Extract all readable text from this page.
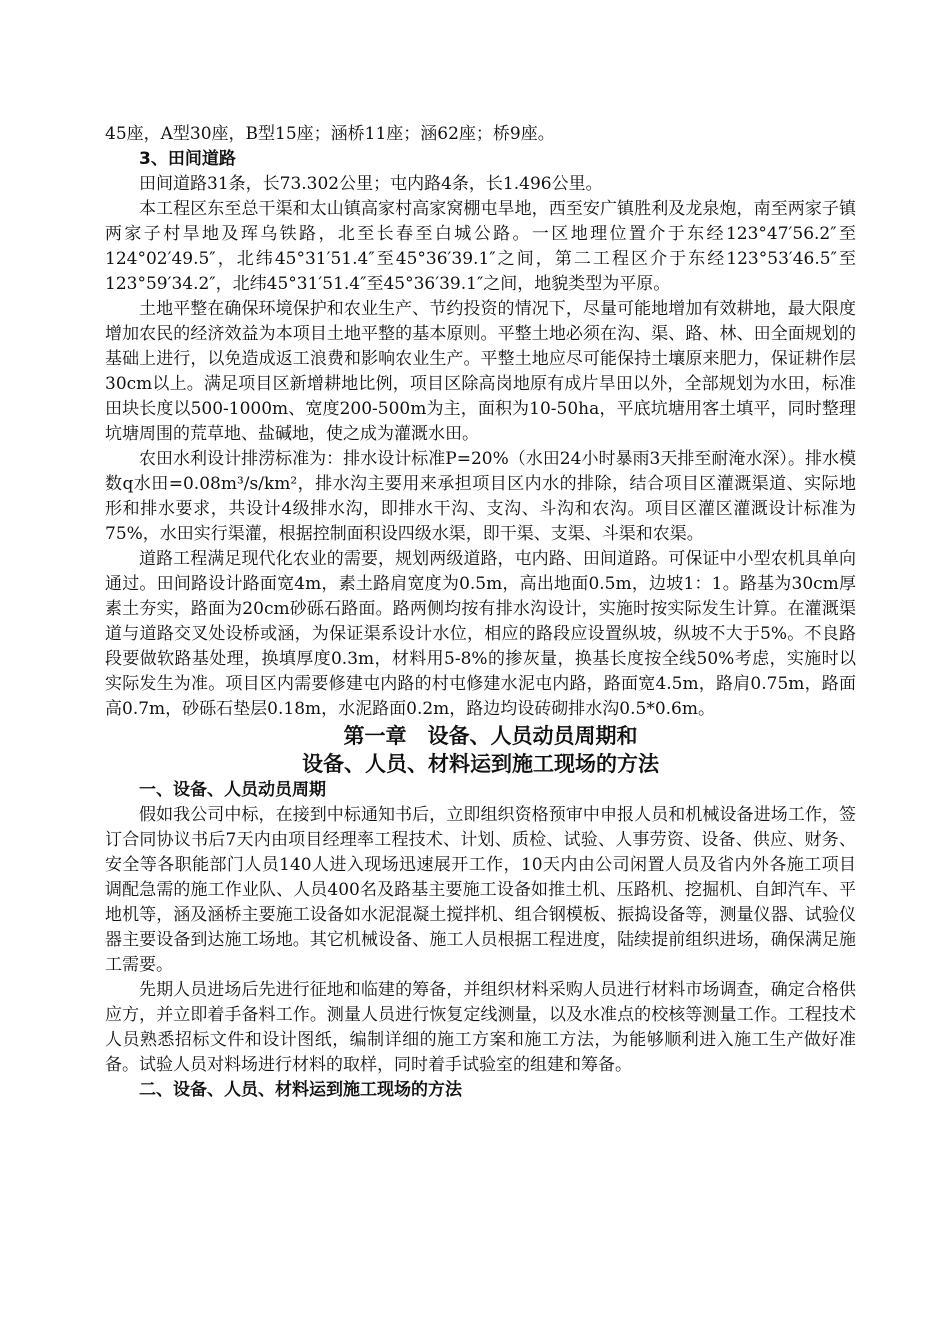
45座，A型30座，B型15座；涵桥11座；涵62座；桥9座。

3、田间道路

田间道路31条，长73.302公里；屯内路4条，长1.496公里。

本工程区东至总干渠和太山镇高家村高家窝棚屯旱地，西至安广镇胜利及龙泉炮，南至两家子镇两家子村旱地及珲乌铁路，北至长春至白城公路。一区地理位置介于东经123°47′56.2″至124°02′49.5″，北纬45°31′51.4″至45°36′39.1″之间，第二工程区介于东经123°53′46.5″至123°59′34.2″，北纬45°31′51.4″至45°36′39.1″之间，地貌类型为平原。

土地平整在确保环境保护和农业生产、节约投资的情况下，尽量可能地增加有效耕地，最大限度增加农民的经济效益为本项目土地平整的基本原则。平整土地必须在沟、渠、路、林、田全面规划的基础上进行，以免造成返工浪费和影响农业生产。平整土地应尽可能保持土壤原来肥力，保证耕作层30cm以上。满足项目区新增耕地比例，项目区除高岗地原有成片旱田以外，全部规划为水田，标准田块长度以500-1000m、宽度200-500m为主，面积为10-50ha，平底坑塘用客土填平，同时整理坑塘周围的荒草地、盐碱地，使之成为灌溉水田。

农田水利设计排涝标准为：排水设计标准P=20%（水田24小时暴雨3天排至耐淹水深）。排水模数q水田=0.08m³/s/km²，排水沟主要用来承担项目区内水的排除，结合项目区灌溉渠道、实际地形和排水要求，共设计4级排水沟，即排水干沟、支沟、斗沟和农沟。项目区灌区灌溉设计标准为75%，水田实行渠灌，根据控制面积设四级水渠，即干渠、支渠、斗渠和农渠。

道路工程满足现代化农业的需要，规划两级道路，屯内路、田间道路。可保证中小型农机具单向通过。田间路设计路面宽4m，素土路肩宽度为0.5m，高出地面0.5m，边坡1：1。路基为30cm厚素土夯实，路面为20cm砂砾石路面。路两侧均按有排水沟设计，实施时按实际发生计算。在灌溉渠道与道路交叉处设桥或涵，为保证渠系设计水位，相应的路段应设置纵坡，纵坡不大于5%。不良路段要做软路基处理，换填厚度0.3m，材料用5-8%的掺灰量，换基长度按全线50%考虑，实施时以实际发生为准。项目区内需要修建屯内路的村屯修建水泥屯内路，路面宽4.5m，路肩0.75m，路面高0.7m，砂砾石垫层0.18m，水泥路面0.2m，路边均设砖砌排水沟0.5*0.6m。

第一章　设备、人员动员周期和
设备、人员、材料运到施工现场的方法

一、设备、人员动员周期

假如我公司中标，在接到中标通知书后，立即组织资格预审中申报人员和机械设备进场工作，签订合同协议书后7天内由项目经理率工程技术、计划、质检、试验、人事劳资、设备、供应、财务、安全等各职能部门人员140人进入现场迅速展开工作，10天内由公司闲置人员及省内外各施工项目调配急需的施工作业队、人员400名及路基主要施工设备如推土机、压路机、挖掘机、自卸汽车、平地机等，涵及涵桥主要施工设备如水泥混凝土搅拌机、组合钢模板、振捣设备等，测量仪器、试验仪器主要设备到达施工场地。其它机械设备、施工人员根据工程进度，陆续提前组织进场，确保满足施工需要。

先期人员进场后先进行征地和临建的筹备，并组织材料采购人员进行材料市场调查，确定合格供应方，并立即着手备料工作。测量人员进行恢复定线测量，以及水准点的校核等测量工作。工程技术人员熟悉招标文件和设计图纸，编制详细的施工方案和施工方法，为能够顺利进入施工生产做好准备。试验人员对料场进行材料的取样，同时着手试验室的组建和筹备。

二、设备、人员、材料运到施工现场的方法
